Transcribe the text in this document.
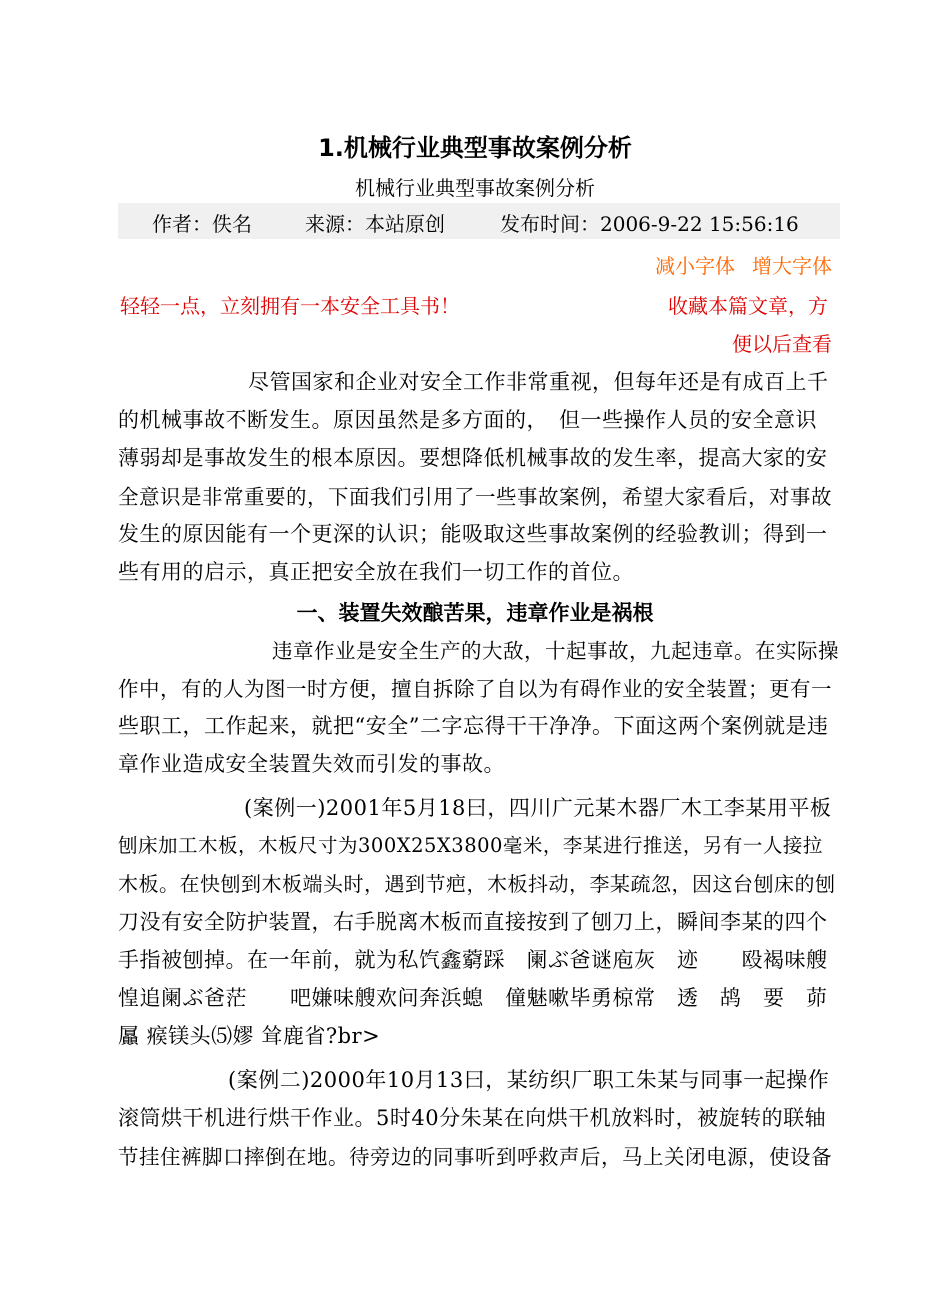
1.机械行业典型事故案例分析
机械行业典型事故案例分析
作者：佚名	来源：本站原创	发布时间：2006-9-22 15:56:16
减小字体 增大字体
轻轻一点，立刻拥有一本安全工具书！	收藏本篇文章，方
便以后查看
尽管国家和企业对安全工作非常重视，但每年还是有成百上千
的机械事故不断发生。原因虽然是多方面的，　但一些操作人员的安全意识
薄弱却是事故发生的根本原因。要想降低机械事故的发生率，提高大家的安
全意识是非常重要的，下面我们引用了一些事故案例，希望大家看后，对事故
发生的原因能有一个更深的认识；能吸取这些事故案例的经验教训；得到一
些有用的启示，真正把安全放在我们一切工作的首位。
一、装置失效酿苦果，违章作业是祸根
违章作业是安全生产的大敌，十起事故，九起违章。在实际操
作中，有的人为图一时方便，擅自拆除了自以为有碍作业的安全装置；更有一
些职工，工作起来，就把“安全”二字忘得干干净净。下面这两个案例就是违
章作业造成安全装置失效而引发的事故。
(案例一)2001年5月18曰，四川广元某木器厂木工李某用平板
刨床加工木板，木板尺寸为300X25X3800毫米，李某进行推送，另有一人接拉
木板。在快刨到木板端头时，遇到节疤，木板抖动，李某疏忽，因这台刨床的刨
刀没有安全防护装置，右手脱离木板而直接按到了刨刀上，瞬间李某的四个
手指被刨掉。在一年前，就为私饩鑫藭踩　阑ぶ爸谜庖灰　迹　　殴褐味艘
惶追阑ぶ爸茫　　吧嫌味艘欢问奔浜螅　僮魅嗽毕勇椋常　透　鸪　要　茆
屭 瘊镁头⑸嫪 耸鹿省?br>
(案例二)2000年10月13曰，某纺织厂职工朱某与同事一起操作
滚筒烘干机进行烘干作业。5时40分朱某在向烘干机放料时，被旋转的联轴
节挂住裤脚口摔倒在地。待旁边的同事听到呼救声后，马上关闭电源，使设备
